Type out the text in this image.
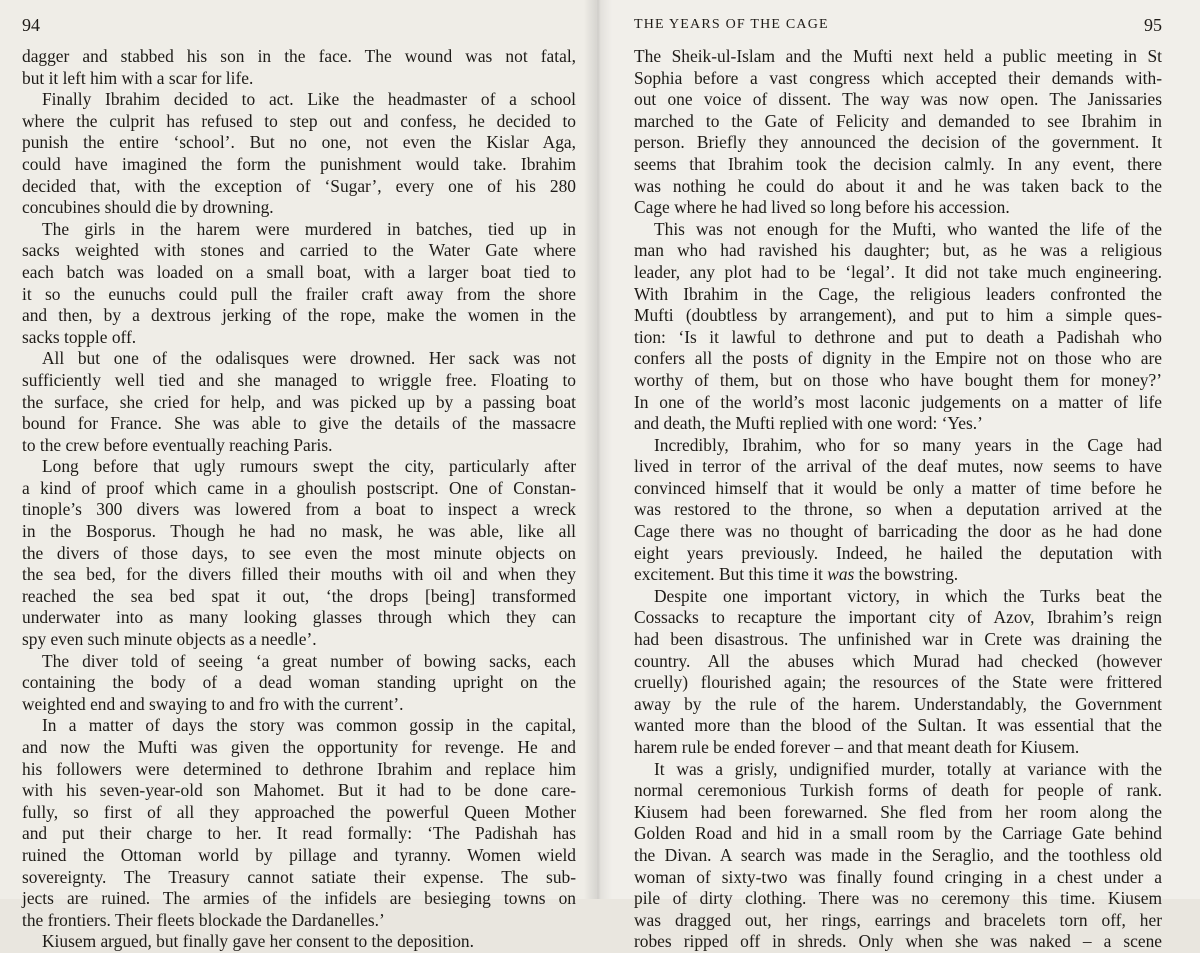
94
dagger and stabbed his son in the face. The wound was not fatal,
but it left him with a scar for life.
Finally Ibrahim decided to act. Like the headmaster of a school
where the culprit has refused to step out and confess, he decided to
punish the entire ‘school’. But no one, not even the Kislar Aga,
could have imagined the form the punishment would take. Ibrahim
decided that, with the exception of ‘Sugar’, every one of his 280
concubines should die by drowning.
The girls in the harem were murdered in batches, tied up in
sacks weighted with stones and carried to the Water Gate where
each batch was loaded on a small boat, with a larger boat tied to
it so the eunuchs could pull the frailer craft away from the shore
and then, by a dextrous jerking of the rope, make the women in the
sacks topple off.
All but one of the odalisques were drowned. Her sack was not
sufficiently well tied and she managed to wriggle free. Floating to
the surface, she cried for help, and was picked up by a passing boat
bound for France. She was able to give the details of the massacre
to the crew before eventually reaching Paris.
Long before that ugly rumours swept the city, particularly after
a kind of proof which came in a ghoulish postscript. One of Constan-
tinople’s 300 divers was lowered from a boat to inspect a wreck
in the Bosporus. Though he had no mask, he was able, like all
the divers of those days, to see even the most minute objects on
the sea bed, for the divers filled their mouths with oil and when they
reached the sea bed spat it out, ‘the drops [being] transformed
underwater into as many looking glasses through which they can
spy even such minute objects as a needle’.
The diver told of seeing ‘a great number of bowing sacks, each
containing the body of a dead woman standing upright on the
weighted end and swaying to and fro with the current’.
In a matter of days the story was common gossip in the capital,
and now the Mufti was given the opportunity for revenge. He and
his followers were determined to dethrone Ibrahim and replace him
with his seven-year-old son Mahomet. But it had to be done care-
fully, so first of all they approached the powerful Queen Mother
and put their charge to her. It read formally: ‘The Padishah has
ruined the Ottoman world by pillage and tyranny. Women wield
sovereignty. The Treasury cannot satiate their expense. The sub-
jects are ruined. The armies of the infidels are besieging towns on
the frontiers. Their fleets blockade the Dardanelles.’
Kiusem argued, but finally gave her consent to the deposition.
THE YEARS OF THE CAGE	95
The Sheik-ul-Islam and the Mufti next held a public meeting in St
Sophia before a vast congress which accepted their demands with-
out one voice of dissent. The way was now open. The Janissaries
marched to the Gate of Felicity and demanded to see Ibrahim in
person. Briefly they announced the decision of the government. It
seems that Ibrahim took the decision calmly. In any event, there
was nothing he could do about it and he was taken back to the
Cage where he had lived so long before his accession.
This was not enough for the Mufti, who wanted the life of the
man who had ravished his daughter; but, as he was a religious
leader, any plot had to be ‘legal’. It did not take much engineering.
With Ibrahim in the Cage, the religious leaders confronted the
Mufti (doubtless by arrangement), and put to him a simple ques-
tion: ‘Is it lawful to dethrone and put to death a Padishah who
confers all the posts of dignity in the Empire not on those who are
worthy of them, but on those who have bought them for money?’
In one of the world’s most laconic judgements on a matter of life
and death, the Mufti replied with one word: ‘Yes.’
Incredibly, Ibrahim, who for so many years in the Cage had
lived in terror of the arrival of the deaf mutes, now seems to have
convinced himself that it would be only a matter of time before he
was restored to the throne, so when a deputation arrived at the
Cage there was no thought of barricading the door as he had done
eight years previously. Indeed, he hailed the deputation with
excitement. But this time it was the bowstring.
Despite one important victory, in which the Turks beat the
Cossacks to recapture the important city of Azov, Ibrahim’s reign
had been disastrous. The unfinished war in Crete was draining the
country. All the abuses which Murad had checked (however
cruelly) flourished again; the resources of the State were frittered
away by the rule of the harem. Understandably, the Government
wanted more than the blood of the Sultan. It was essential that the
harem rule be ended forever – and that meant death for Kiusem.
It was a grisly, undignified murder, totally at variance with the
normal ceremonious Turkish forms of death for people of rank.
Kiusem had been forewarned. She fled from her room along the
Golden Road and hid in a small room by the Carriage Gate behind
the Divan. A search was made in the Seraglio, and the toothless old
woman of sixty-two was finally found cringing in a chest under a
pile of dirty clothing. There was no ceremony this time. Kiusem
was dragged out, her rings, earrings and bracelets torn off, her
robes ripped off in shreds. Only when she was naked – a scene
